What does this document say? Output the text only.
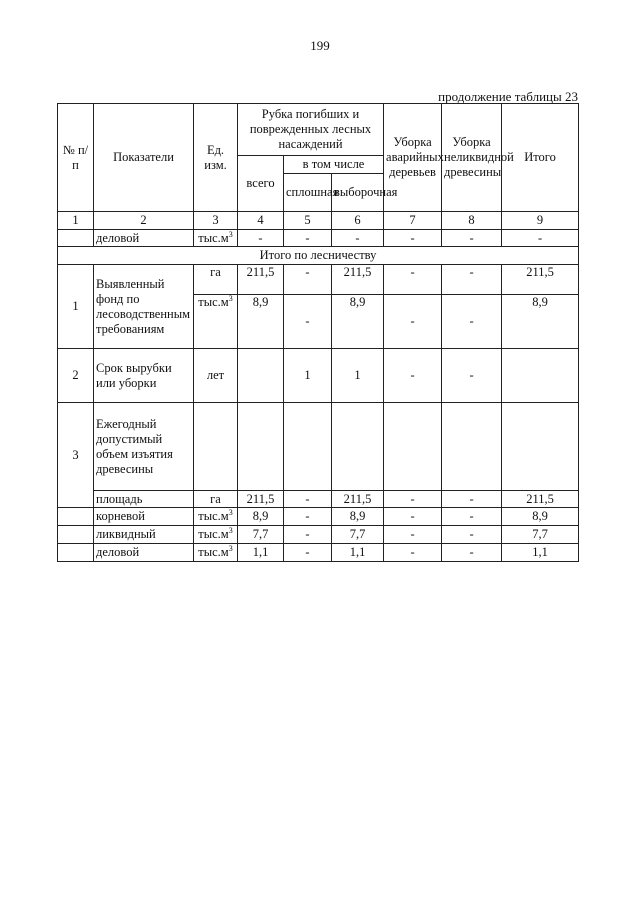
199
продолжение таблицы 23
№ п/п	Показатели	Ед. изм.	Рубка погибших и поврежденных лесных насаждений			Уборка аварийных деревьев	Уборка неликвидной древесины	Итого
			всего	в том числе				
				сплошная	выборочная			
1	2	3	4	5	6	7	8	9
	деловой	$тыс.м^3$	-	-	-	-	-	-
Итого по лесничеству								
1	Выявленный фонд по лесоводственным требованиям	га	211,5	-	211,5	-	-	211,5
		$тыс.м^3$	8,9	-	8,9	-	-	8,9
2	Срок вырубки или уборки	лет		1	1	-	-	
3	Ежегодный допустимый объем изъятия древесины							
	площадь	га	211,5	-	211,5	-	-	211,5
	корневой	$тыс.м^3$	8,9	-	8,9	-	-	8,9
	ликвидный	$тыс.м^3$	7,7	-	7,7	-	-	7,7
	деловой	$тыс.м^3$	1,1	-	1,1	-	-	1,1
